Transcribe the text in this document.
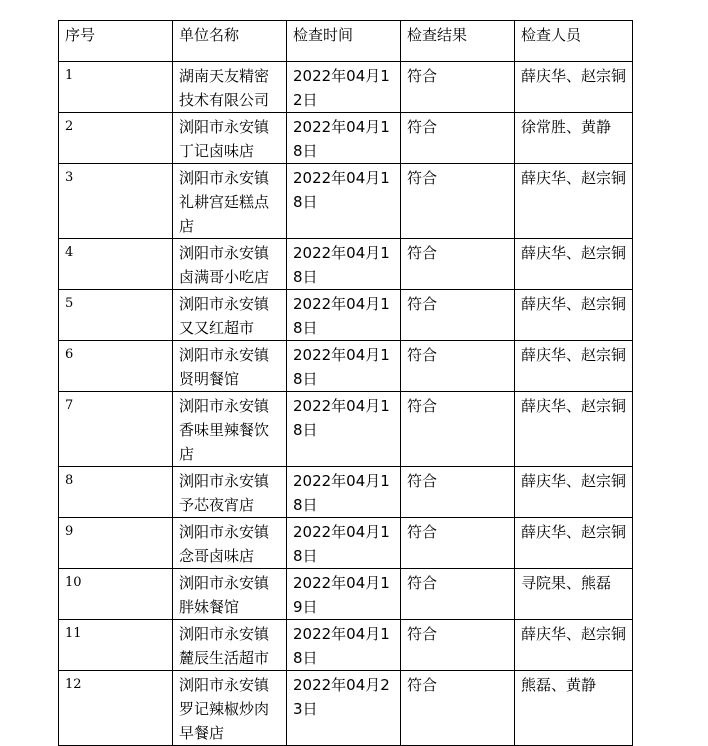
序号	单位名称	检查时间	检查结果	检查人员
1	湖南天友精密技术有限公司	2022年04月12日	符合	薛庆华、赵宗铜
2	浏阳市永安镇丁记卤味店	2022年04月18日	符合	徐常胜、黄静
3	浏阳市永安镇礼耕宫廷糕点店	2022年04月18日	符合	薛庆华、赵宗铜
4	浏阳市永安镇卤满哥小吃店	2022年04月18日	符合	薛庆华、赵宗铜
5	浏阳市永安镇又又红超市	2022年04月18日	符合	薛庆华、赵宗铜
6	浏阳市永安镇贤明餐馆	2022年04月18日	符合	薛庆华、赵宗铜
7	浏阳市永安镇香味里辣餐饮店	2022年04月18日	符合	薛庆华、赵宗铜
8	浏阳市永安镇予芯夜宵店	2022年04月18日	符合	薛庆华、赵宗铜
9	浏阳市永安镇念哥卤味店	2022年04月18日	符合	薛庆华、赵宗铜
10	浏阳市永安镇胖妹餐馆	2022年04月19日	符合	寻院果、熊磊
11	浏阳市永安镇麓辰生活超市	2022年04月18日	符合	薛庆华、赵宗铜
12	浏阳市永安镇罗记辣椒炒肉早餐店	2022年04月23日	符合	熊磊、黄静
